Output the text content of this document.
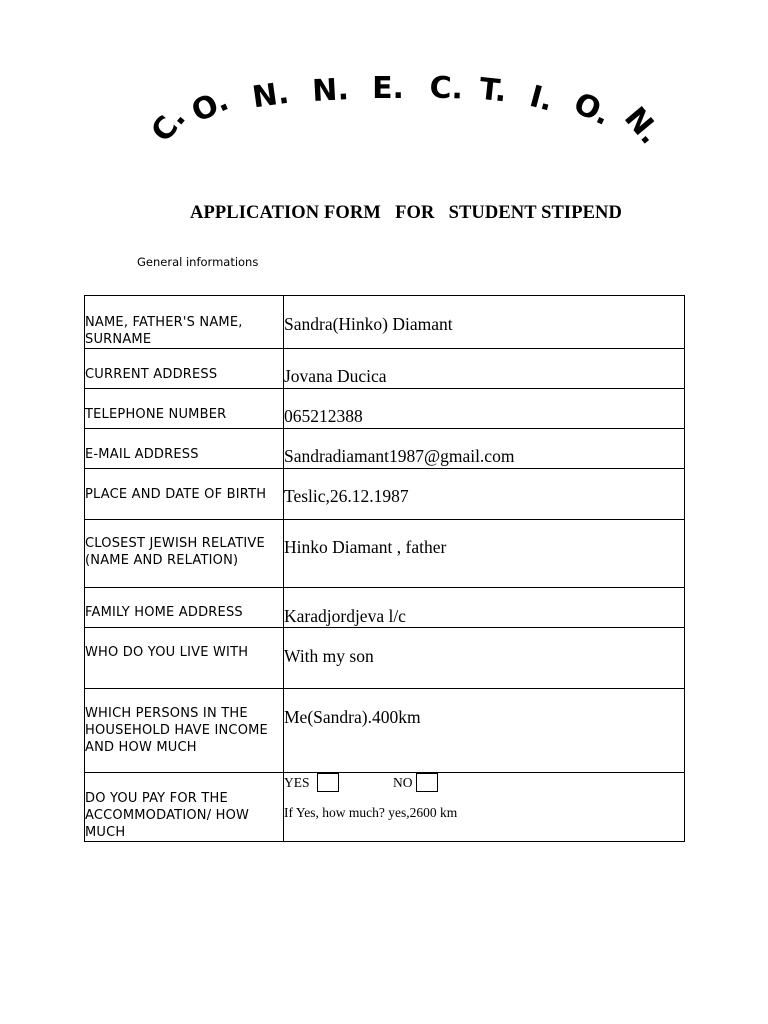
C.
O. N. N. E. C. T. I. O. N.
APPLICATION FORM   FOR   STUDENT STIPEND
General informations
NAME, FATHER'S NAME, SURNAME	Sandra(Hinko) Diamant
CURRENT ADDRESS	Jovana Ducica
TELEPHONE NUMBER	065212388
E-MAIL ADDRESS	Sandradiamant1987@gmail.com
PLACE AND DATE OF BIRTH	Teslic,26.12.1987
CLOSEST JEWISH RELATIVE (NAME AND RELATION)	Hinko Diamant , father
FAMILY HOME ADDRESS	Karadjordjeva l/c
WHO DO YOU LIVE WITH	With my son
WHICH PERSONS IN THE HOUSEHOLD HAVE INCOME AND HOW MUCH	Me(Sandra).400km
DO YOU PAY FOR THE ACCOMMODATION/ HOW MUCH	YES NO
If Yes, how much? yes,2600 km
